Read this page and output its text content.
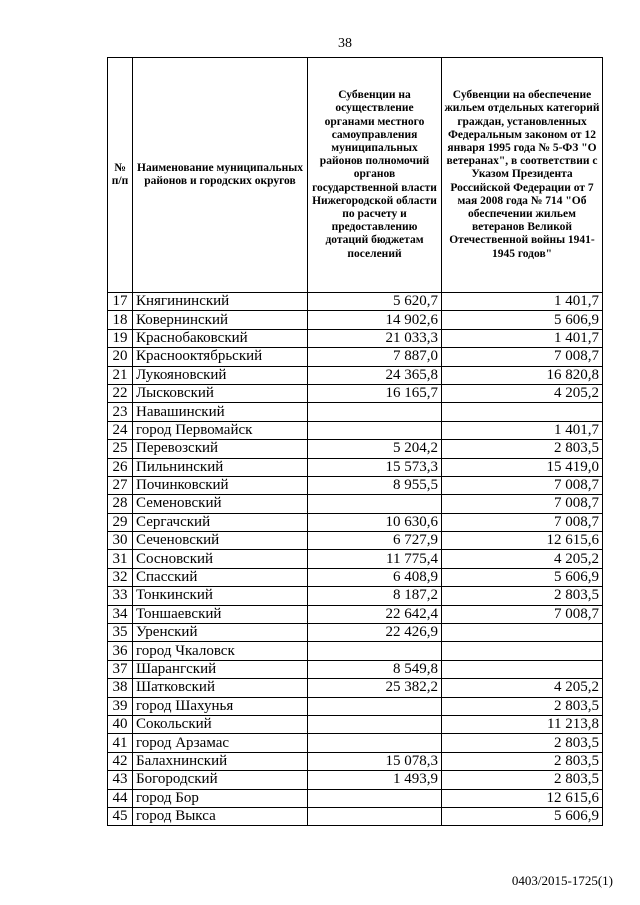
38
№ п/п	Наименование муниципальных районов и городских округов	Субвенции на осуществление органами местного самоуправления муниципальных районов полномочий органов государственной власти Нижегородской области по расчету и предоставлению дотаций бюджетам поселений	Субвенции на обеспечение жильем отдельных категорий граждан, установленных Федеральным законом от 12 января 1995 года № 5-ФЗ "О ветеранах", в соответствии с Указом Президента Российской Федерации от 7 мая 2008 года № 714 "Об обеспечении жильем ветеранов Великой Отечественной войны 1941-1945 годов"
17	Княгининский	5 620,7	1 401,7
18	Ковернинский	14 902,6	5 606,9
19	Краснобаковский	21 033,3	1 401,7
20	Краснооктябрьский	7 887,0	7 008,7
21	Лукояновский	24 365,8	16 820,8
22	Лысковский	16 165,7	4 205,2
23	Навашинский		
24	город Первомайск		1 401,7
25	Перевозский	5 204,2	2 803,5
26	Пильнинский	15 573,3	15 419,0
27	Починковский	8 955,5	7 008,7
28	Семеновский		7 008,7
29	Сергачский	10 630,6	7 008,7
30	Сеченовский	6 727,9	12 615,6
31	Сосновский	11 775,4	4 205,2
32	Спасский	6 408,9	5 606,9
33	Тонкинский	8 187,2	2 803,5
34	Тоншаевский	22 642,4	7 008,7
35	Уренский	22 426,9	
36	город Чкаловск		
37	Шарангский	8 549,8	
38	Шатковский	25 382,2	4 205,2
39	город Шахунья		2 803,5
40	Сокольский		11 213,8
41	город Арзамас		2 803,5
42	Балахнинский	15 078,3	2 803,5
43	Богородский	1 493,9	2 803,5
44	город Бор		12 615,6
45	город Выкса		5 606,9
0403/2015-1725(1)
